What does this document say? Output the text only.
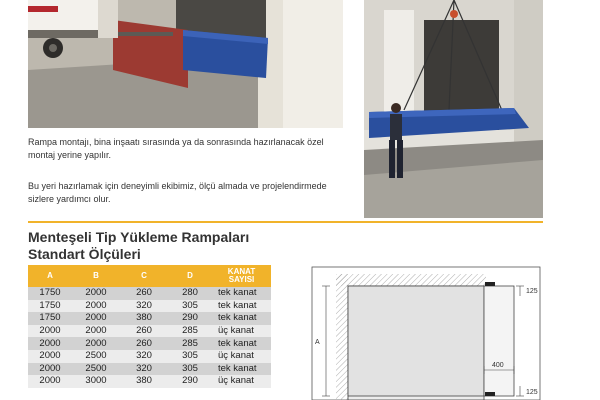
Rampa montajı, bina inşaatı sırasında ya da sonrasında hazırlanacak özel montaj yerine yapılır.
Bu yeri hazırlamak için deneyimli ekibimiz, ölçü almada ve projelendirmede sizlere yardımcı olur.
Menteşeli Tip Yükleme Rampaları
Standart Ölçüleri
A	B	C	D	KANAT SAYISI
1750	2000	260	280	tek kanat
1750	2000	320	305	tek kanat
1750	2000	380	290	tek kanat
2000	2000	260	285	üç kanat
2000	2000	260	285	tek kanat
2000	2500	320	305	üç kanat
2000	2500	320	305	tek kanat
2000	3000	380	290	üç kanat
A
125
400
125
